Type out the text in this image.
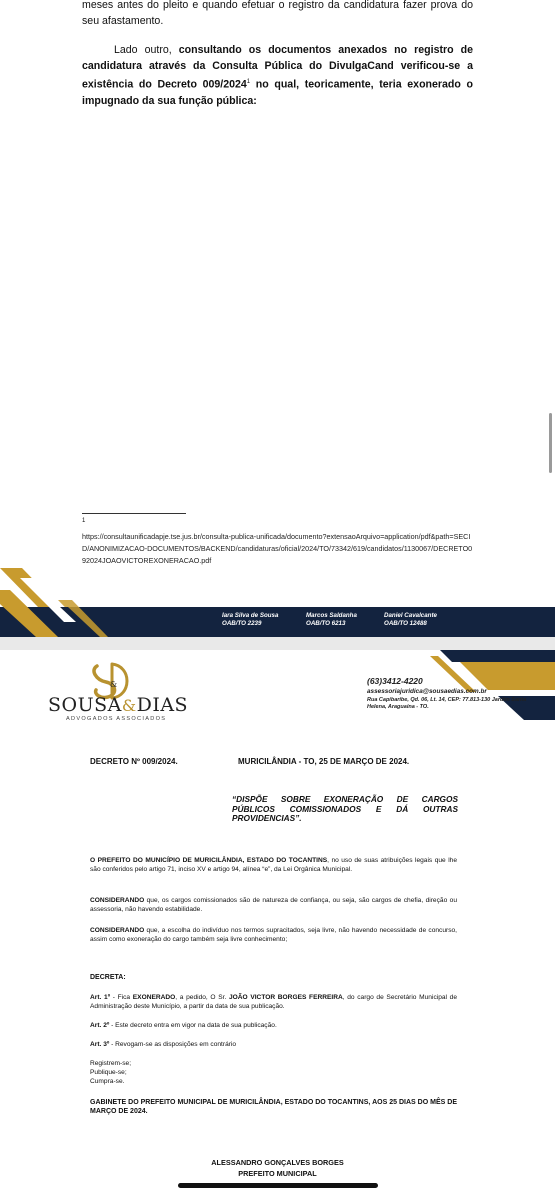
meses antes do pleito e quando efetuar o registro da candidatura fazer prova do seu afastamento.

Lado outro, consultando os documentos anexados no registro de candidatura através da Consulta Pública do DivulgaCand verificou-se a existência do Decreto 009/2024$^1$ no qual, teoricamente, teria exonerado o impugnado da sua função pública:

1
https://consultaunificadapje.tse.jus.br/consulta-publica-unificada/documento?extensaoArquivo=application/pdf&path=SECID/ANONIMIZACAO-DOCUMENTOS/BACKEND/candidaturas/oficial/2024/TO/73342/619/candidatos/1130067/DECRETO092024JOAOVICTOREXONERACAO.pdf
Iara Silva de Sousa
OAB/TO 2239
Marcos Saldanha
OAB/TO 6213
Daniel Cavalcante
OAB/TO 12488
&
SOUSA&DIAS
ADVOGADOS ASSOCIADOS
(63)3412-4220
assessoriajuridica@sousaedias.com.br
Rua Capibaribe, Qd. 06, Lt. 14, CEP: 77.813-130 Jardim Santa Helena, Araguaína - TO.
DECRETO Nº 009/2024.	MURICILÂNDIA - TO, 25 DE MARÇO DE 2024.
“DISPÕE SOBRE EXONERAÇÃO DE CARGOS PÚBLICOS COMISSIONADOS E DÁ OUTRAS PROVIDENCIAS”.

O PREFEITO DO MUNICÍPIO DE MURICILÂNDIA, ESTADO DO TOCANTINS, no uso de suas atribuições legais que lhe são conferidos pelo artigo 71, inciso XV e artigo 94, alínea “e”, da Lei Orgânica Municipal.

CONSIDERANDO que, os cargos comissionados são de natureza de confiança, ou seja, são cargos de chefia, direção ou assessoria, não havendo estabilidade.

CONSIDERANDO que, a escolha do indivíduo nos termos supracitados, seja livre, não havendo necessidade de concurso, assim como exoneração do cargo também seja livre conhecimento;

DECRETA:

Art. 1º - Fica EXONERADO, a pedido, O Sr. JOÃO VICTOR BORGES FERREIRA, do cargo de Secretário Municipal de Administração deste Município, a partir da data de sua publicação.

Art. 2º - Este decreto entra em vigor na data de sua publicação.

Art. 3º - Revogam-se as disposições em contrário

Registrem-se;

Publique-se;

Cumpra-se.

GABINETE DO PREFEITO MUNICIPAL DE MURICILÂNDIA, ESTADO DO TOCANTINS, AOS 25 DIAS DO MÊS DE MARÇO DE 2024.
ALESSANDRO GONÇALVES BORGES
PREFEITO MUNICIPAL
